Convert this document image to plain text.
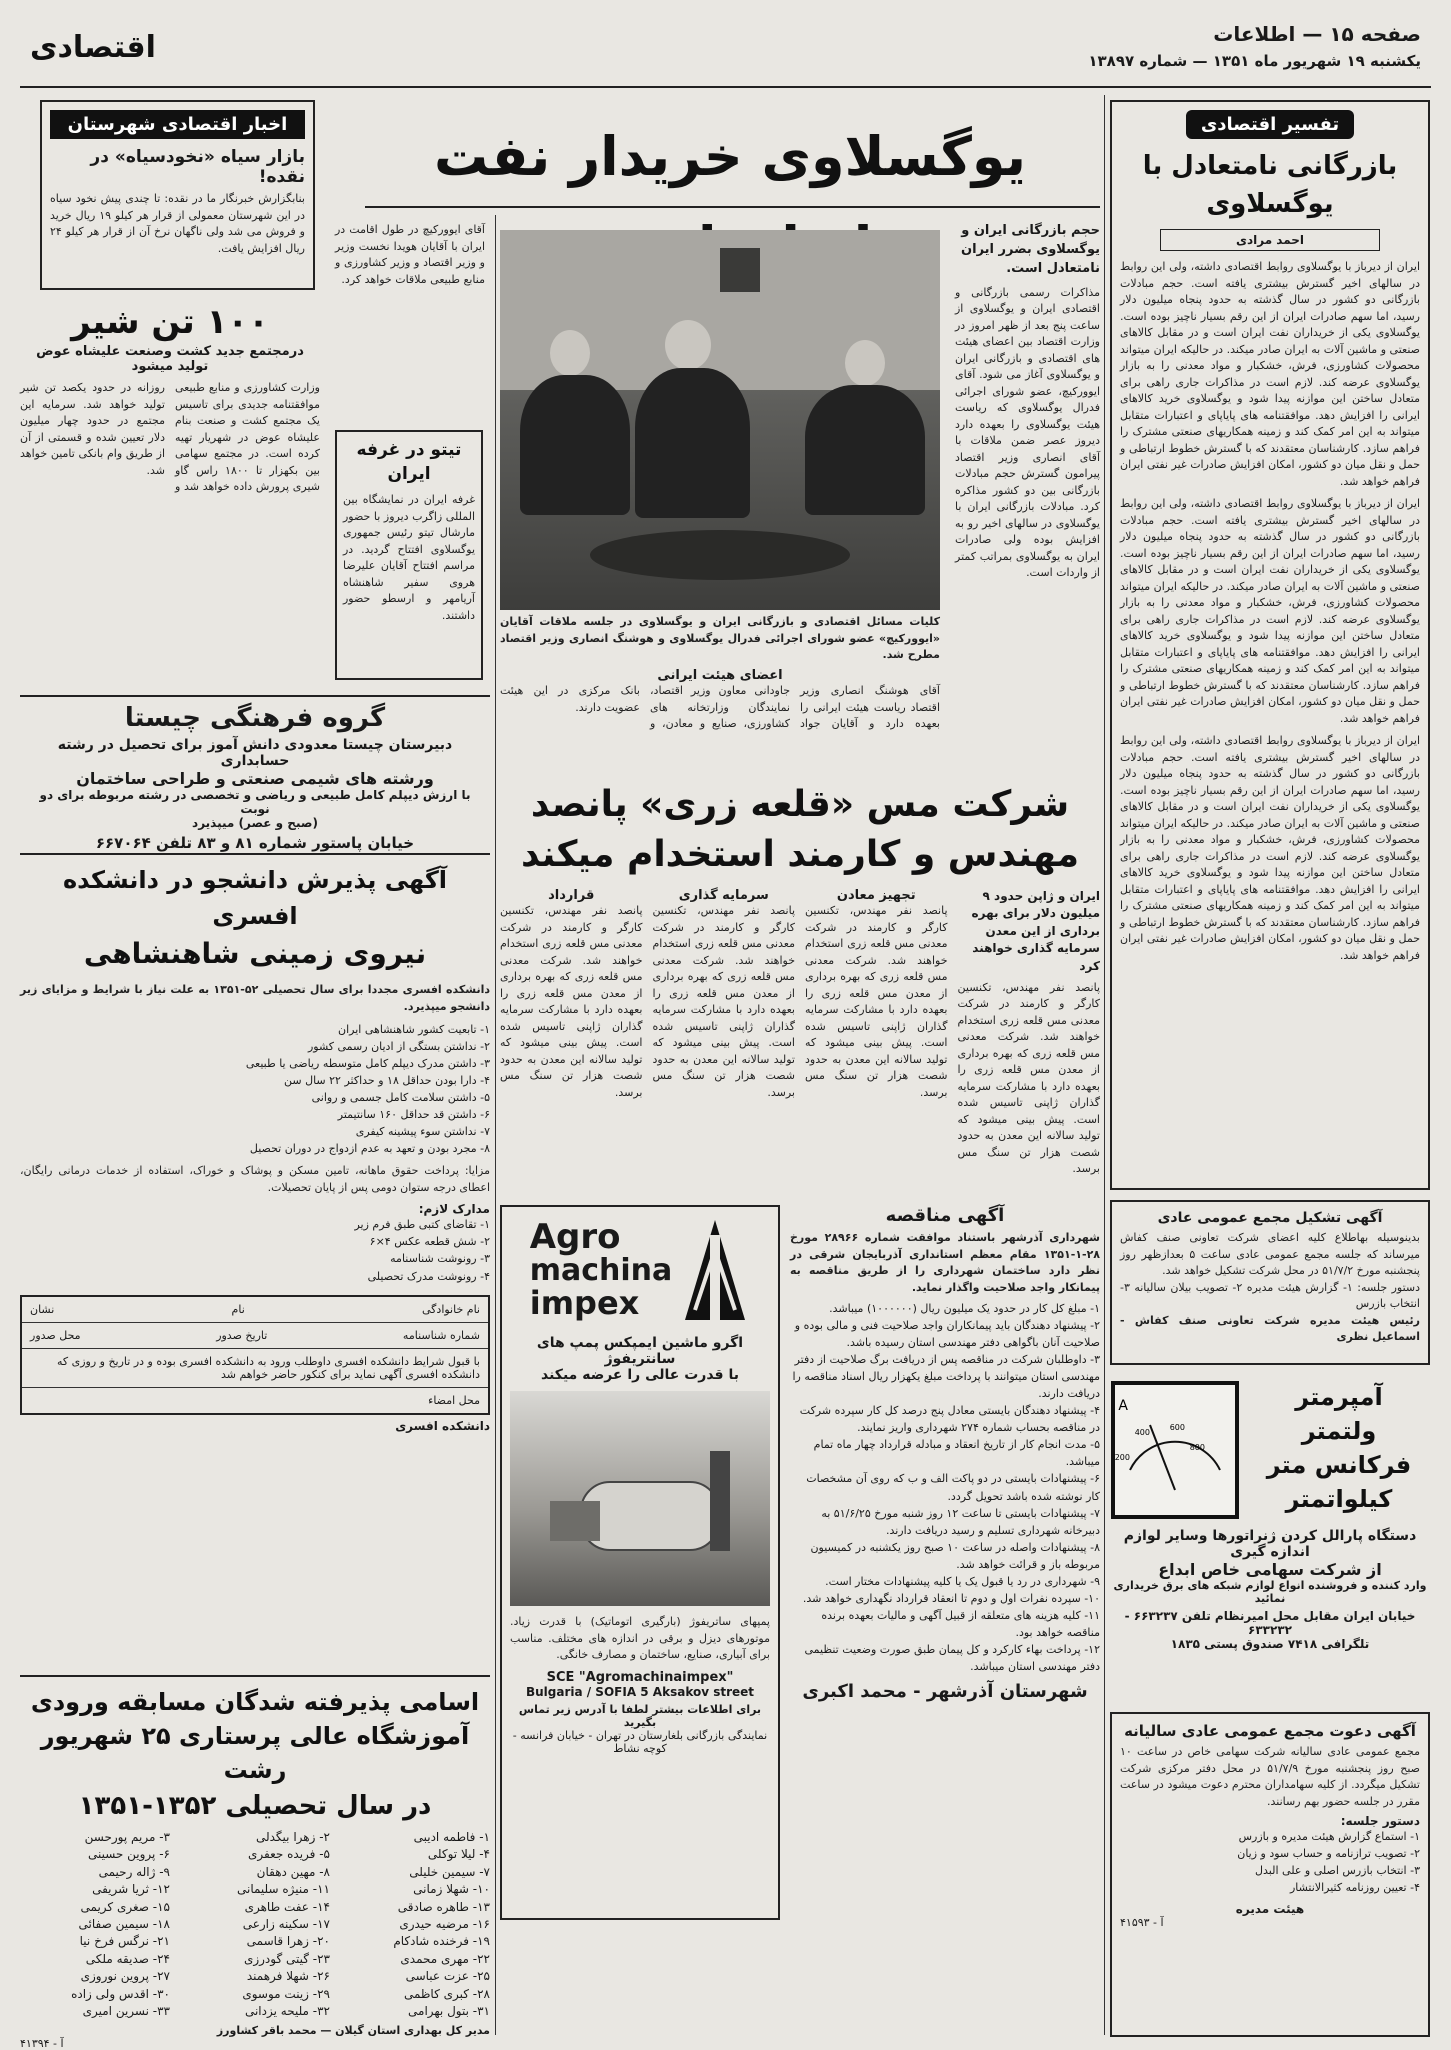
اقتصادی	صفحه ۱۵ — اطلاعات
یکشنبه ۱۹ شهریور ماه ۱۳۵۱ — شماره ۱۳۸۹۷
اخبار اقتصادی شهرستان
بازار سیاه «نخودسیاه» در نقده!
بنابگزارش خبرنگار ما در نقده: تا چندی پیش نخود سیاه در این شهرستان معمولی از قرار هر کیلو ۱۹ ریال خرید و فروش می شد ولی ناگهان نرخ آن از قرار هر کیلو ۲۴ ریال افزایش یافت.
یوگسلاوی خریدار نفت
۱۰۰ تن شیر
درمجتمع جدید کشت وصنعت علیشاه عوض تولید میشود
وزارت کشاورزی و منابع طبیعی موافقتنامه جدیدی برای تاسیس یک مجتمع کشت و صنعت بنام علیشاه عوض در شهریار تهیه کرده است. در مجتمع سهامی بین بکهزار تا ۱۸۰۰ راس گاو شیری پرورش داده خواهد شد و روزانه در حدود یکصد تن شیر تولید خواهد شد. سرمایه این مجتمع در حدود چهار میلیون دلار تعیین شده و قسمتی از آن از طریق وام بانکی تامین خواهد شد.
آقای ایوورکیچ در طول اقامت در ایران با آقایان هویدا نخست وزیر و وزیر اقتصاد و وزیر کشاورزی و منابع طبیعی ملاقات خواهد کرد.
تیتو در غرفه ایران
غرفه ایران در نمایشگاه بین المللی زاگرب دیروز با حضور مارشال تیتو رئیس جمهوری یوگسلاوی افتتاح گردید. در مراسم افتتاح آقایان علیرضا هروی سفیر شاهنشاه آریامهر و ارسطو حضور داشتند. کلیات مسائل اقتصادی و بازرگانی ایران و یوگسلاوی در جلسه ملاقات آقایان «ایوورکیچ» عضو شورای اجرائی فدرال یوگسلاوی و هوشنگ انصاری وزیر اقتصاد مطرح شد.
حجم بازرگانی ایران و یوگسلاوی بضرر ایران نامتعادل است.
مذاکرات رسمی بازرگانی و اقتصادی ایران و یوگسلاوی از ساعت پنج بعد از ظهر امروز در وزارت اقتصاد بین اعضای هیئت های اقتصادی و بازرگانی ایران و یوگسلاوی آغاز می شود. آقای ایوورکیچ، عضو شورای اجرائی فدرال یوگسلاوی که ریاست هیئت یوگسلاوی را بعهده دارد دیروز عصر ضمن ملاقات با آقای انصاری وزیر اقتصاد پیرامون گسترش حجم مبادلات بازرگانی بین دو کشور مذاکره کرد. مبادلات بازرگانی ایران با یوگسلاوی در سالهای اخیر رو به افزایش بوده ولی صادرات ایران به یوگسلاوی بمراتب کمتر از واردات است.
اعضای هیئت ایرانی
آقای هوشنگ انصاری وزیر اقتصاد ریاست هیئت ایرانی را بعهده دارد و آقایان جواد جاودانی معاون وزیر اقتصاد، نمایندگان وزارتخانه های کشاورزی، صنایع و معادن، و بانک مرکزی در این هیئت عضویت دارند.
گروه فرهنگی چیستا
دبیرستان چیستا معدودی دانش آموز برای تحصیل در رشته حسابداری
ورشته های شیمی صنعتی و طراحی ساختمان
با ارزش دیپلم کامل طبیعی و ریاضی و تخصصی در رشته مربوطه برای دو نوبت
(صبح و عصر) میپذیرد
خیابان پاستور شماره ۸۱ و ۸۳ تلفن ۶۶۷۰۶۴
شرکت مس «قلعه زری» پانصد
مهندس و کارمند استخدام میکند
ایران و ژاپن حدود ۹ میلیون دلار برای بهره برداری از این معدن سرمایه گذاری خواهند کرد
پانصد نفر مهندس، تکنسین کارگر و کارمند در شرکت معدنی مس قلعه زری استخدام خواهند شد. شرکت معدنی مس قلعه زری که بهره برداری از معدن مس قلعه زری را بعهده دارد با مشارکت سرمایه گذاران ژاپنی تاسیس شده است. پیش بینی میشود که تولید سالانه این معدن به حدود شصت هزار تن سنگ مس برسد.
تجهیز معادن
پانصد نفر مهندس، تکنسین کارگر و کارمند در شرکت معدنی مس قلعه زری استخدام خواهند شد. شرکت معدنی مس قلعه زری که بهره برداری از معدن مس قلعه زری را بعهده دارد با مشارکت سرمایه گذاران ژاپنی تاسیس شده است. پیش بینی میشود که تولید سالانه این معدن به حدود شصت هزار تن سنگ مس برسد.
سرمایه گذاری
پانصد نفر مهندس، تکنسین کارگر و کارمند در شرکت معدنی مس قلعه زری استخدام خواهند شد. شرکت معدنی مس قلعه زری که بهره برداری از معدن مس قلعه زری را بعهده دارد با مشارکت سرمایه گذاران ژاپنی تاسیس شده است. پیش بینی میشود که تولید سالانه این معدن به حدود شصت هزار تن سنگ مس برسد.
قرارداد
پانصد نفر مهندس، تکنسین کارگر و کارمند در شرکت معدنی مس قلعه زری استخدام خواهند شد. شرکت معدنی مس قلعه زری که بهره برداری از معدن مس قلعه زری را بعهده دارد با مشارکت سرمایه گذاران ژاپنی تاسیس شده است. پیش بینی میشود که تولید سالانه این معدن به حدود شصت هزار تن سنگ مس برسد.
آگهی پذیرش دانشجو در دانشکده افسری
نیروی زمینی شاهنشاهی
دانشکده افسری مجددا برای سال تحصیلی ۵۲-۱۳۵۱ به علت نیاز با شرایط و مزایای زیر دانشجو میپذیرد.
۱- تابعیت کشور شاهنشاهی ایران
۲- نداشتن بستگی از ادیان رسمی کشور
۳- داشتن مدرک دیپلم کامل متوسطه ریاضی یا طبیعی
۴- دارا بودن حداقل ۱۸ و حداکثر ۲۲ سال سن
۵- داشتن سلامت کامل جسمی و روانی
۶- داشتن قد حداقل ۱۶۰ سانتیمتر
۷- نداشتن سوء پیشینه کیفری
۸- مجرد بودن و تعهد به عدم ازدواج در دوران تحصیل
مزایا: پرداخت حقوق ماهانه، تامین مسکن و پوشاک و خوراک، استفاده از خدمات درمانی رایگان، اعطای درجه ستوان دومی پس از پایان تحصیلات.
مدارک لازم:
۱- تقاضای کتبی طبق فرم زیر
۲- شش قطعه عکس ۴×۶
۳- رونوشت شناسنامه
۴- رونوشت مدرک تحصیلی
نام خانوادگی
نام
نشان
شماره شناسنامه
تاریخ صدور
محل صدور
با قبول شرایط دانشکده افسری داوطلب ورود به دانشکده افسری بوده و در تاریخ و روزی که دانشکده افسری آگهی نماید برای کنکور حاضر خواهم شد
محل امضاء
دانشکده افسری
اسامی پذیرفته شدگان مسابقه ورودی
آموزشگاه عالی پرستاری ۲۵ شهریور رشت
در سال تحصیلی ۱۳۵۲-۱۳۵۱
۱- فاطمه ادیبی
۲- زهرا بیگدلی
۳- مریم پورحسن
۴- لیلا توکلی
۵- فریده جعفری
۶- پروین حسینی
۷- سیمین خلیلی
۸- مهین دهقان
۹- ژاله رحیمی
۱۰- شهلا زمانی
۱۱- منیژه سلیمانی
۱۲- ثریا شریفی
۱۳- طاهره صادقی
۱۴- عفت طاهری
۱۵- صغری کریمی
۱۶- مرضیه حیدری
۱۷- سکینه زارعی
۱۸- سیمین صفائی
۱۹- فرخنده شادکام
۲۰- زهرا قاسمی
۲۱- نرگس فرخ نیا
۲۲- مهری محمدی
۲۳- گیتی گودرزی
۲۴- صدیقه ملکی
۲۵- عزت عباسی
۲۶- شهلا فرهمند
۲۷- پروین نوروزی
۲۸- کبری کاظمی
۲۹- زینت موسوی
۳۰- اقدس ولی زاده
۳۱- بتول بهرامی
۳۲- ملیحه یزدانی
۳۳- نسرین امیری
مدیر کل بهداری استان گیلان — محمد باقر کشاورز
آ - ۴۱۳۹۴
Agro
machina
impex
اگرو ماشین ایمپکس پمپ های سانتریفوژ
با قدرت عالی را عرضه میکند
پمپهای ساتریفوژ (بارگیری اتوماتیک) با قدرت زیاد. موتورهای دیزل و برقی در اندازه های مختلف. مناسب برای آبیاری، صنایع، ساختمان و مصارف خانگی.
SCE "Agromachinaimpex"
Bulgaria / SOFIA 5 Aksakov street
برای اطلاعات بیشتر لطفا با آدرس زیر تماس بگیرید
نمایندگی بازرگانی بلغارستان در تهران - خیابان فرانسه - کوچه نشاط
آگهی مناقصه
شهرداری آذرشهر باستناد موافقت شماره ۲۸۹۶۶ مورخ ۲۸-۱-۱۳۵۱ مقام معظم استانداری آذربایجان شرقی در نظر دارد ساختمان شهرداری را از طریق مناقصه به پیمانکار واجد صلاحیت واگذار نماید.
۱- مبلغ کل کار در حدود یک میلیون ریال (۱۰۰۰۰۰۰) میباشد.
۲- پیشنهاد دهندگان باید پیمانکاران واجد صلاحیت فنی و مالی بوده و صلاحیت آنان باگواهی دفتر مهندسی استان رسیده باشد.
۳- داوطلبان شرکت در مناقصه پس از دریافت برگ صلاحیت از دفتر مهندسی استان میتوانند با پرداخت مبلغ یکهزار ریال اسناد مناقصه را دریافت دارند.
۴- پیشنهاد دهندگان بایستی معادل پنج درصد کل کار سپرده شرکت در مناقصه بحساب شماره ۲۷۴ شهرداری واریز نمایند.
۵- مدت انجام کار از تاریخ انعقاد و مبادله قرارداد چهار ماه تمام میباشد.
۶- پیشنهادات بایستی در دو پاکت الف و ب که روی آن مشخصات کار نوشته شده باشد تحویل گردد.
۷- پیشنهادات بایستی تا ساعت ۱۲ روز شنبه مورخ ۵۱/۶/۲۵ به دبیرخانه شهرداری تسلیم و رسید دریافت دارند.
۸- پیشنهادات واصله در ساعت ۱۰ صبح روز یکشنبه در کمیسیون مربوطه باز و قرائت خواهد شد.
۹- شهرداری در رد یا قبول یک یا کلیه پیشنهادات مختار است.
۱۰- سپرده نفرات اول و دوم تا انعقاد قرارداد نگهداری خواهد شد.
۱۱- کلیه هزینه های متعلقه از قبیل آگهی و مالیات بعهده برنده مناقصه خواهد بود.
۱۲- پرداخت بهاء کارکرد و کل پیمان طبق صورت وضعیت تنظیمی دفتر مهندسی استان میباشد.
شهرستان آذرشهر - محمد اکبری
تفسیر اقتصادی
بازرگانی نامتعادل با یوگسلاوی
احمد مرادی
ایران از دیرباز با یوگسلاوی روابط اقتصادی داشته، ولی این روابط در سالهای اخیر گسترش بیشتری یافته است. حجم مبادلات بازرگانی دو کشور در سال گذشته به حدود پنجاه میلیون دلار رسید، اما سهم صادرات ایران از این رقم بسیار ناچیز بوده است. یوگسلاوی یکی از خریداران نفت ایران است و در مقابل کالاهای صنعتی و ماشین آلات به ایران صادر میکند. در حالیکه ایران میتواند محصولات کشاورزی، فرش، خشکبار و مواد معدنی را به بازار یوگسلاوی عرضه کند. لازم است در مذاکرات جاری راهی برای متعادل ساختن این موازنه پیدا شود و یوگسلاوی خرید کالاهای ایرانی را افزایش دهد. موافقتنامه های پایاپای و اعتبارات متقابل میتواند به این امر کمک کند و زمینه همکاریهای صنعتی مشترک را فراهم سازد. کارشناسان معتقدند که با گسترش خطوط ارتباطی و حمل و نقل میان دو کشور، امکان افزایش صادرات غیر نفتی ایران فراهم خواهد شد.
ایران از دیرباز با یوگسلاوی روابط اقتصادی داشته، ولی این روابط در سالهای اخیر گسترش بیشتری یافته است. حجم مبادلات بازرگانی دو کشور در سال گذشته به حدود پنجاه میلیون دلار رسید، اما سهم صادرات ایران از این رقم بسیار ناچیز بوده است. یوگسلاوی یکی از خریداران نفت ایران است و در مقابل کالاهای صنعتی و ماشین آلات به ایران صادر میکند. در حالیکه ایران میتواند محصولات کشاورزی، فرش، خشکبار و مواد معدنی را به بازار یوگسلاوی عرضه کند. لازم است در مذاکرات جاری راهی برای متعادل ساختن این موازنه پیدا شود و یوگسلاوی خرید کالاهای ایرانی را افزایش دهد. موافقتنامه های پایاپای و اعتبارات متقابل میتواند به این امر کمک کند و زمینه همکاریهای صنعتی مشترک را فراهم سازد. کارشناسان معتقدند که با گسترش خطوط ارتباطی و حمل و نقل میان دو کشور، امکان افزایش صادرات غیر نفتی ایران فراهم خواهد شد.
ایران از دیرباز با یوگسلاوی روابط اقتصادی داشته، ولی این روابط در سالهای اخیر گسترش بیشتری یافته است. حجم مبادلات بازرگانی دو کشور در سال گذشته به حدود پنجاه میلیون دلار رسید، اما سهم صادرات ایران از این رقم بسیار ناچیز بوده است. یوگسلاوی یکی از خریداران نفت ایران است و در مقابل کالاهای صنعتی و ماشین آلات به ایران صادر میکند. در حالیکه ایران میتواند محصولات کشاورزی، فرش، خشکبار و مواد معدنی را به بازار یوگسلاوی عرضه کند. لازم است در مذاکرات جاری راهی برای متعادل ساختن این موازنه پیدا شود و یوگسلاوی خرید کالاهای ایرانی را افزایش دهد. موافقتنامه های پایاپای و اعتبارات متقابل میتواند به این امر کمک کند و زمینه همکاریهای صنعتی مشترک را فراهم سازد. کارشناسان معتقدند که با گسترش خطوط ارتباطی و حمل و نقل میان دو کشور، امکان افزایش صادرات غیر نفتی ایران فراهم خواهد شد.
آگهی تشکیل مجمع عمومی عادی
بدینوسیله بهاطلاع کلیه اعضای شرکت تعاونی صنف کفاش میرساند که جلسه مجمع عمومی عادی ساعت ۵ بعدازظهر روز پنجشنبه مورخ ۵۱/۷/۲ در محل شرکت تشکیل خواهد شد.
دستور جلسه: ۱- گزارش هیئت مدیره ۲- تصویب بیلان سالیانه ۳- انتخاب بازرس
رئیس هیئت مدیره شرکت تعاونی صنف کفاش - اسماعیل نظری
آمپرمتر
ولتمتر
فرکانس متر
کیلواتمتر
A
200
400
600
800
دستگاه پارالل کردن ژنراتورها وسایر لوازم اندازه گیری
از شرکت سهامی خاص ابداع
وارد کننده و فروشنده انواع لوازم شبکه های برق خریداری نمائید
خیابان ایران مقابل محل امیرنظام تلفن ۶۶۳۲۳۷ - ۶۳۳۲۳۲
تلگرافی ۷۴۱۸ صندوق پستی ۱۸۳۵
آگهی دعوت مجمع عمومی عادی سالیانه
مجمع عمومی عادی سالیانه شرکت سهامی خاص در ساعت ۱۰ صبح روز پنجشنبه مورخ ۵۱/۷/۹ در محل دفتر مرکزی شرکت تشکیل میگردد. از کلیه سهامداران محترم دعوت میشود در ساعت مقرر در جلسه حضور بهم رسانند.
دستور جلسه:
۱- استماع گزارش هیئت مدیره و بازرس
۲- تصویب ترازنامه و حساب سود و زیان
۳- انتخاب بازرس اصلی و علی البدل
۴- تعیین روزنامه کثیرالانتشار
هیئت مدیره
آ - ۴۱۵۹۳
